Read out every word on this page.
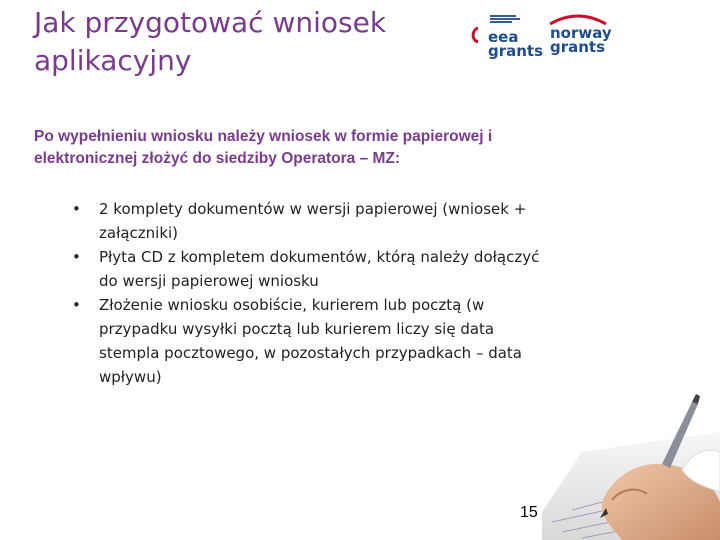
Jak przygotować wniosek aplikacyjny
eea
grants
norway
grants
Po wypełnieniu wniosku należy wniosek w formie papierowej i elektronicznej złożyć do siedziby Operatora – MZ:
• 2 komplety dokumentów w wersji papierowej (wniosek + załączniki)
• Płyta CD z kompletem dokumentów, którą należy dołączyć do wersji papierowej wniosku
• Złożenie wniosku osobiście, kurierem lub pocztą (w przypadku wysyłki pocztą lub kurierem liczy się data stempla pocztowego, w pozostałych przypadkach – data wpływu)
15
